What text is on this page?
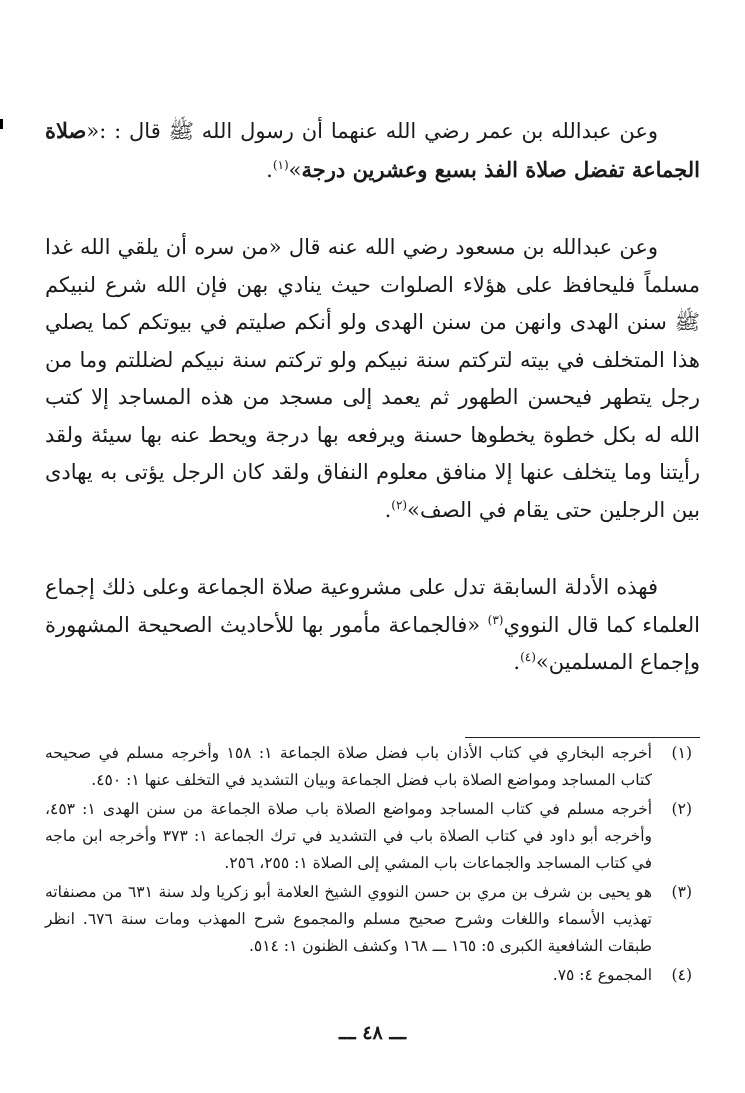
وعن عبدالله بن عمر رضي الله عنهما أن رسول الله ﷺ قال : :«صلاة الجماعة تفضل صلاة الفذ بسبع وعشرين درجة»$^{(١)}$.

وعن عبدالله بن مسعود رضي الله عنه قال «من سره أن يلقي الله غدا مسلماً فليحافظ على هؤلاء الصلوات حيث ينادي بهن فإن الله شرع لنبيكم ﷺ سنن الهدى وانهن من سنن الهدى ولو أنكم صليتم في بيوتكم كما يصلي هذا المتخلف في بيته لتركتم سنة نبيكم ولو تركتم سنة نبيكم لضللتم وما من رجل يتطهر فيحسن الطهور ثم يعمد إلى مسجد من هذه المساجد إلا كتب الله له بكل خطوة يخطوها حسنة ويرفعه بها درجة ويحط عنه بها سيئة ولقد رأيتنا وما يتخلف عنها إلا منافق معلوم النفاق ولقد كان الرجل يؤتى به يهادى بين الرجلين حتى يقام في الصف»$^{(٢)}$.

فهذه الأدلة السابقة تدل على مشروعية صلاة الجماعة وعلى ذلك إجماع العلماء كما قال النووي$^{(٣)}$ «فالجماعة مأمور بها للأحاديث الصحيحة المشهورة وإجماع المسلمين»$^{(٤)}$.

(١)
أخرجه البخاري في كتاب الأذان باب فضل صلاة الجماعة ١: ١٥٨ وأخرجه مسلم في صحيحه كتاب المساجد ومواضع الصلاة باب فضل الجماعة وبيان التشديد في التخلف عنها ١: ٤٥٠.
(٢)
أخرجه مسلم في كتاب المساجد ومواضع الصلاة باب صلاة الجماعة من سنن الهدى ١: ٤٥٣، وأخرجه أبو داود في كتاب الصلاة باب في التشديد في ترك الجماعة ١: ٣٧٣ وأخرجه ابن ماجه في كتاب المساجد والجماعات باب المشي إلى الصلاة ١: ٢٥٥، ٢٥٦.
(٣)
هو يحيى بن شرف بن مري بن حسن النووي الشيخ العلامة أبو زكريا ولد سنة ٦٣١ من مصنفاته تهذيب الأسماء واللغات وشرح صحيح مسلم والمجموع شرح المهذب ومات سنة ٦٧٦. انظر طبقات الشافعية الكبرى ٥: ١٦٥ ـــ ١٦٨ وكشف الظنون ١: ٥١٤.
(٤)
المجموع ٤: ٧٥.
ـــ ٤٨ ـــ
